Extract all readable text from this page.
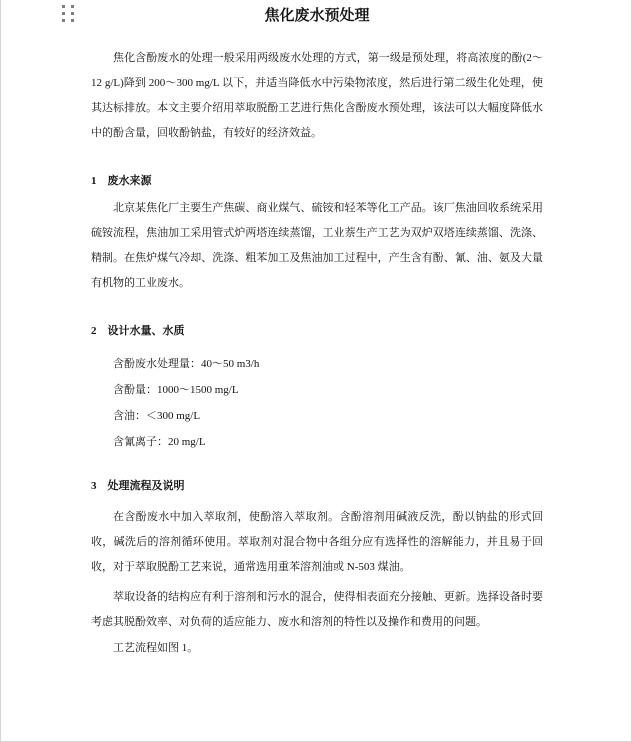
焦化废水预处理

焦化含酚废水的处理一般采用两级废水处理的方式，第一级是预处理，将高浓度的酚(2～12 g/L)降到 200～300 mg/L 以下，并适当降低水中污染物浓度，然后进行第二级生化处理，使其达标排放。本文主要介绍用萃取脱酚工艺进行焦化含酚废水预处理，该法可以大幅度降低水中的酚含量，回收酚钠盐，有较好的经济效益。

1　废水来源

北京某焦化厂主要生产焦碳、商业煤气、硫铵和轻苯等化工产品。该厂焦油回收系统采用硫铵流程，焦油加工采用管式炉两塔连续蒸馏，工业萘生产工艺为双炉双塔连续蒸馏、洗涤、精制。在焦炉煤气冷却、洗涤、粗苯加工及焦油加工过程中，产生含有酚、氰、油、氨及大量有机物的工业废水。

2　设计水量、水质

含酚废水处理量：40～50 m3/h

含酚量：1000～1500 mg/L

含油：＜300 mg/L

含氰离子：20 mg/L

3　处理流程及说明

在含酚废水中加入萃取剂，使酚溶入萃取剂。含酚溶剂用碱液反洗，酚以钠盐的形式回收，碱洗后的溶剂循环使用。萃取剂对混合物中各组分应有选择性的溶解能力，并且易于回收，对于萃取脱酚工艺来说，通常选用重苯溶剂油或 N-503 煤油。

萃取设备的结构应有利于溶剂和污水的混合，使得相表面充分接触、更新。选择设备时要考虑其脱酚效率、对负荷的适应能力、废水和溶剂的特性以及操作和费用的问题。

工艺流程如图 1。
